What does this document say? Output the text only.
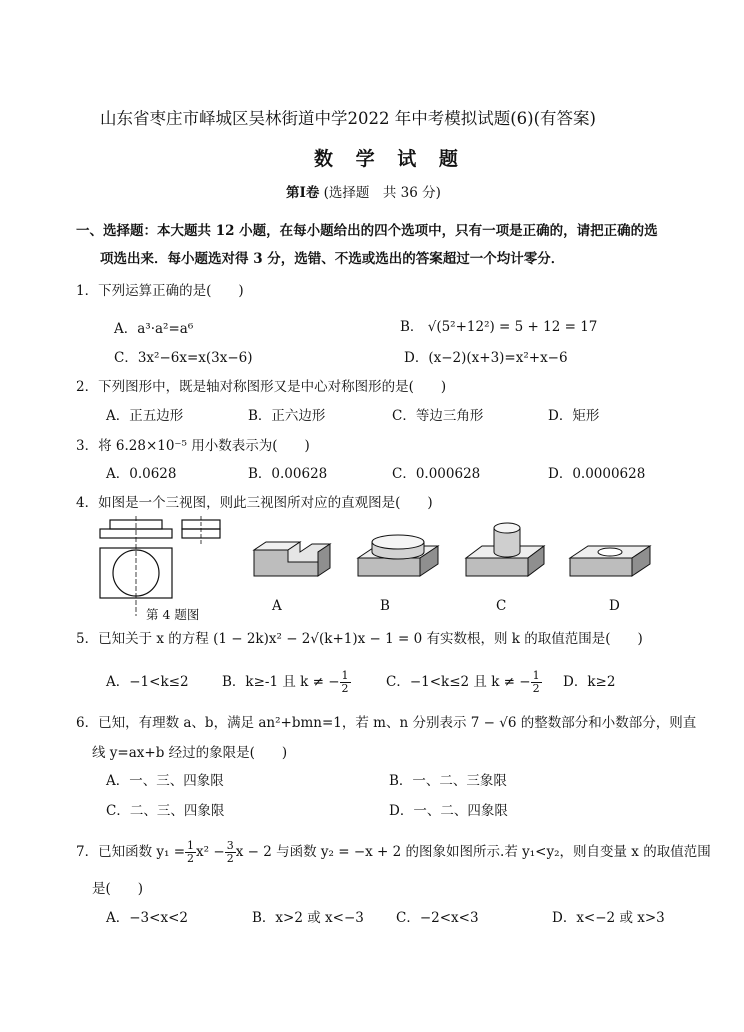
山东省枣庄市峄城区吴林街道中学2022 年中考模拟试题(6)(有答案)
数 学 试 题
第Ⅰ卷 (选择题　共 36 分)
一、选择题：本大题共 12 小题，在每小题给出的四个选项中，只有一项是正确的，请把正确的选
项选出来．每小题选对得 3 分，选错、不选或选出的答案超过一个均计零分．
1．下列运算正确的是(　　)
A．a³·a²=a⁶	B． √(5²+12²) = 5 + 12 = 17
C．3x²−6x=x(3x−6)	D．(x−2)(x+3)=x²+x−6
2．下列图形中，既是轴对称图形又是中心对称图形的是(　　)
A．正五边形	B．正六边形	C．等边三角形	D．矩形
3．将 6.28×10⁻⁵ 用小数表示为(　　)
A．0.0628	B．0.00628	C．0.000628	D．0.0000628
4．如图是一个三视图，则此三视图所对应的直观图是(　　)
第 4 题图
A	B	C	D
5．已知关于 x 的方程 (1 − 2k)x² − 2√(k+1)x − 1 = 0 有实数根，则 k 的取值范围是(　　)
A．−1<k≤2 B．k≥-1 且 k ≠ − $\frac{1}{2}$	C．−1<k≤2 且 k ≠ − $\frac{1}{2}$ D．k≥2
6．已知，有理数 a、b，满足 an²+bmn=1，若 m、n 分别表示 7 − √6 的整数部分和小数部分，则直
线 y=ax+b 经过的象限是(　　)
A．一、三、四象限	B．一、二、三象限
C．二、三、四象限	D．一、二、四象限
7．已知函数 $y_1 = \frac{1}{2} x^2 - \frac{3}{2}$ x − 2 与函数 y₂ = −x + 2 的图象如图所示.若 y₁<y₂，则自变量 x 的取值范围
是(　　)
A．−3<x<2	B．x>2 或 x<−3 C．−2<x<3	D．x<−2 或 x>3
